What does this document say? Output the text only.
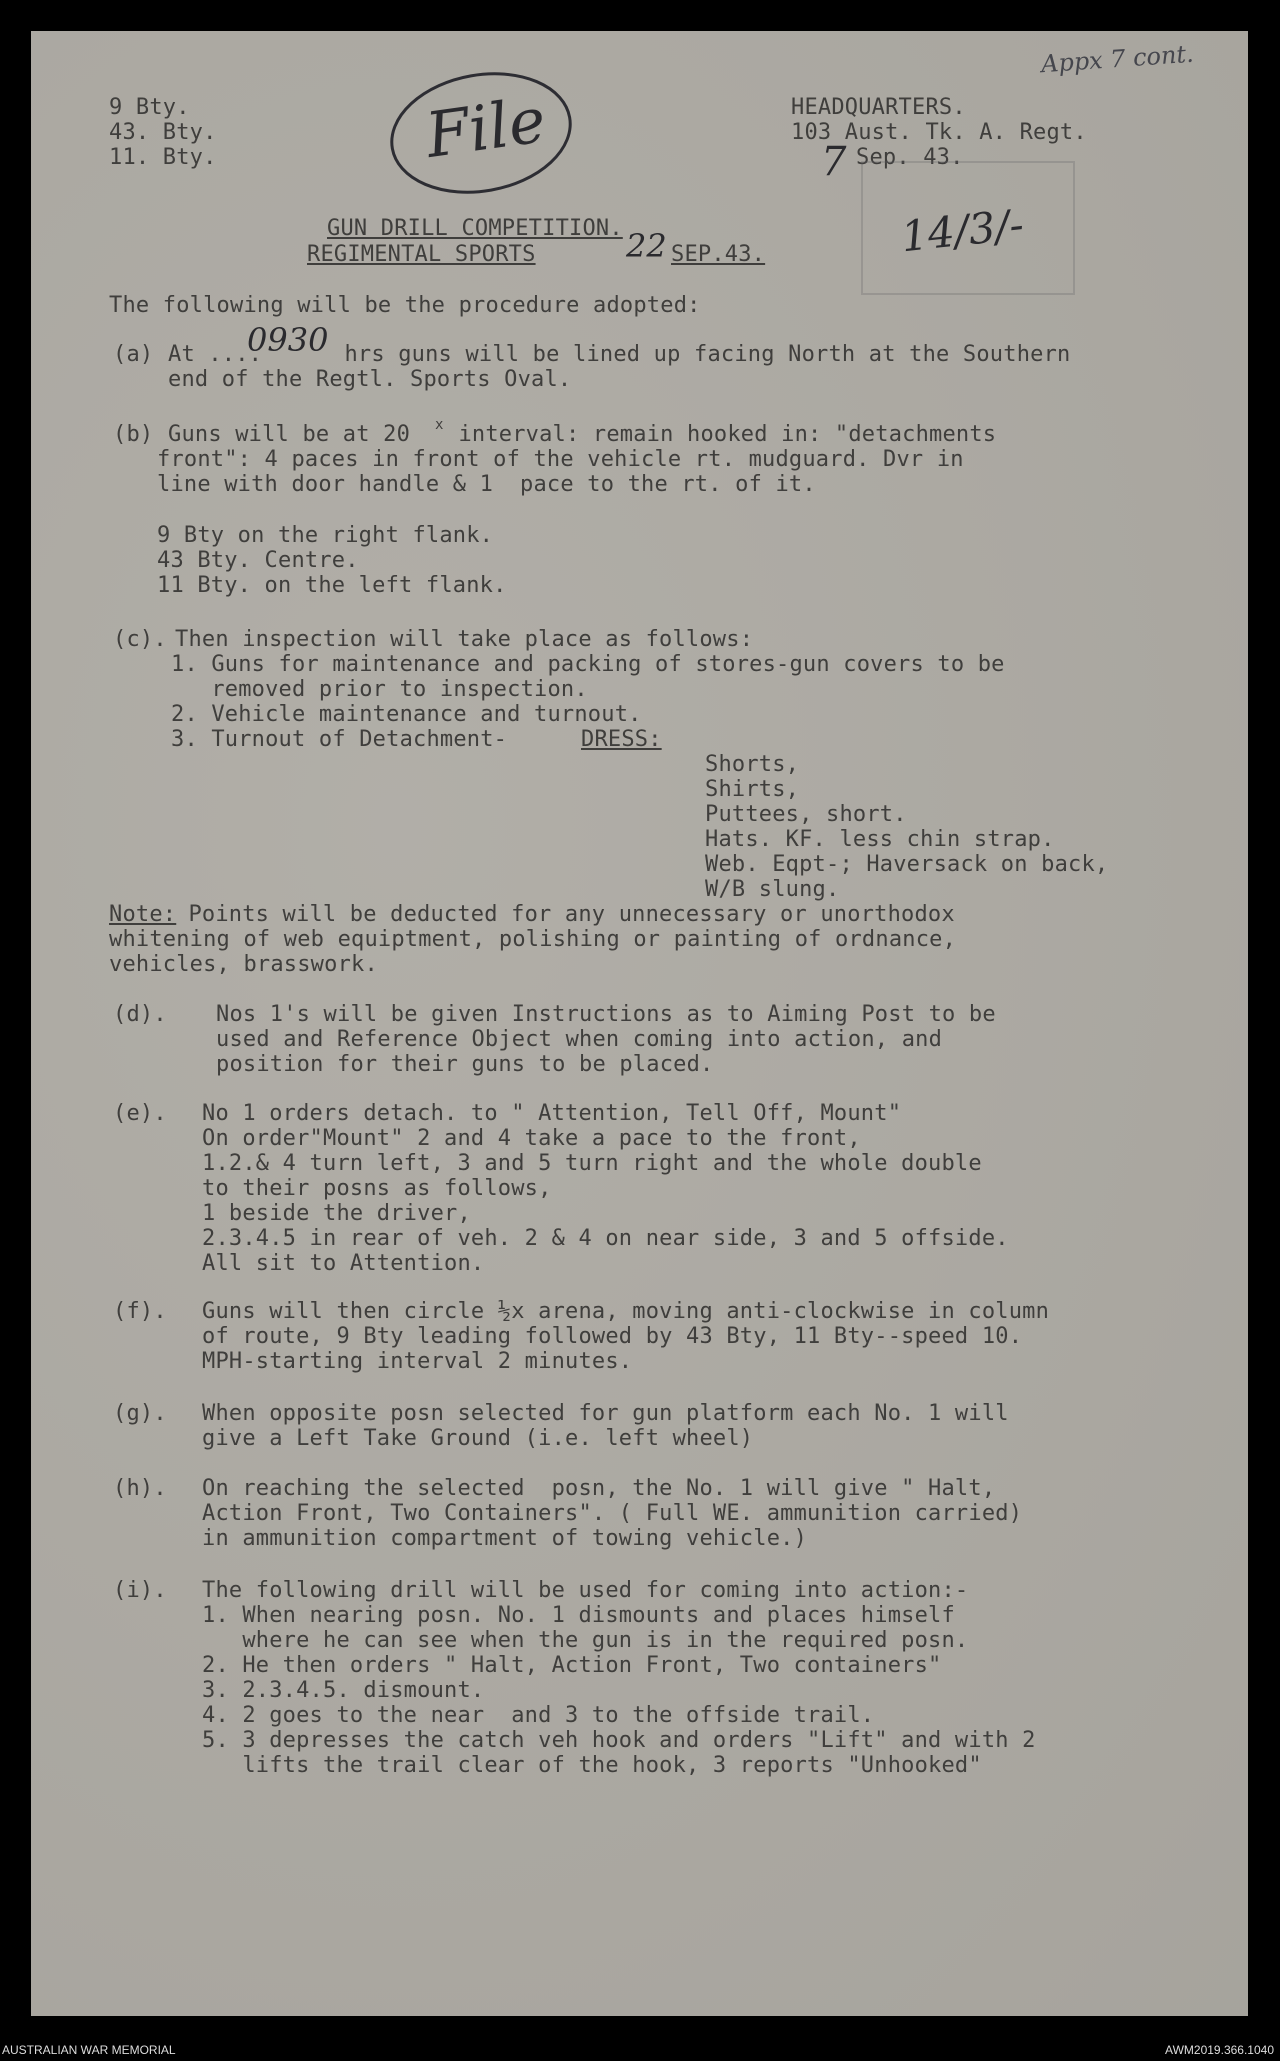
9 Bty.
43. Bty.
11. Bty.	File
Appx 7 cont.
HEADQUARTERS.
103 Aust. Tk. A. Regt.
7 Sep. 43.
14/3/-
GUN DRILL COMPETITION.
REGIMENTAL SPORTS	22 SEP.43.
The following will be the procedure adopted:
(a) At ....
0930 hrs guns will be lined up facing North at the Southern
end of the Regtl. Sports Oval.
(b) Guns will be at 20 x interval: remain hooked in: "detachments
front": 4 paces in front of the vehicle rt. mudguard. Dvr in
line with door handle & 1  pace to the rt. of it.
9 Bty on the right flank.
43 Bty. Centre.
11 Bty. on the left flank.
(c). Then inspection will take place as follows:
1. Guns for maintenance and packing of stores-gun covers to be
removed prior to inspection.
2. Vehicle maintenance and turnout.
3. Turnout of Detachment-	DRESS:
Shorts,
Shirts,
Puttees, short.
Hats. KF. less chin strap.
Web. Eqpt-; Haversack on back,
W/B slung.
Note:
Points will be deducted for any unnecessary or unorthodox
whitening of web equiptment, polishing or painting of ordnance,
vehicles, brasswork.
(d). Nos 1's will be given Instructions as to Aiming Post to be
used and Reference Object when coming into action, and
position for their guns to be placed.
(e). No 1 orders detach. to " Attention, Tell Off, Mount"
On order"Mount" 2 and 4 take a pace to the front,
1.2.& 4 turn left, 3 and 5 turn right and the whole double
to their posns as follows,
1 beside the driver,
2.3.4.5 in rear of veh. 2 & 4 on near side, 3 and 5 offside.
All sit to Attention.
(f). Guns will then circle ½x arena, moving anti-clockwise in column
of route, 9 Bty leading followed by 43 Bty, 11 Bty--speed 10.
MPH-starting interval 2 minutes.
(g). When opposite posn selected for gun platform each No. 1 will
give a Left Take Ground (i.e. left wheel)
(h). On reaching the selected  posn, the No. 1 will give " Halt,
Action Front, Two Containers". ( Full WE. ammunition carried)
in ammunition compartment of towing vehicle.)
(i). The following drill will be used for coming into action:-
1. When nearing posn. No. 1 dismounts and places himself
where he can see when the gun is in the required posn.
2. He then orders " Halt, Action Front, Two containers"
3. 2.3.4.5. dismount.
4. 2 goes to the near  and 3 to the offside trail.
5. 3 depresses the catch veh hook and orders "Lift" and with 2
lifts the trail clear of the hook, 3 reports "Unhooked"
AUSTRALIAN WAR MEMORIAL	AWM2019.366.1040
